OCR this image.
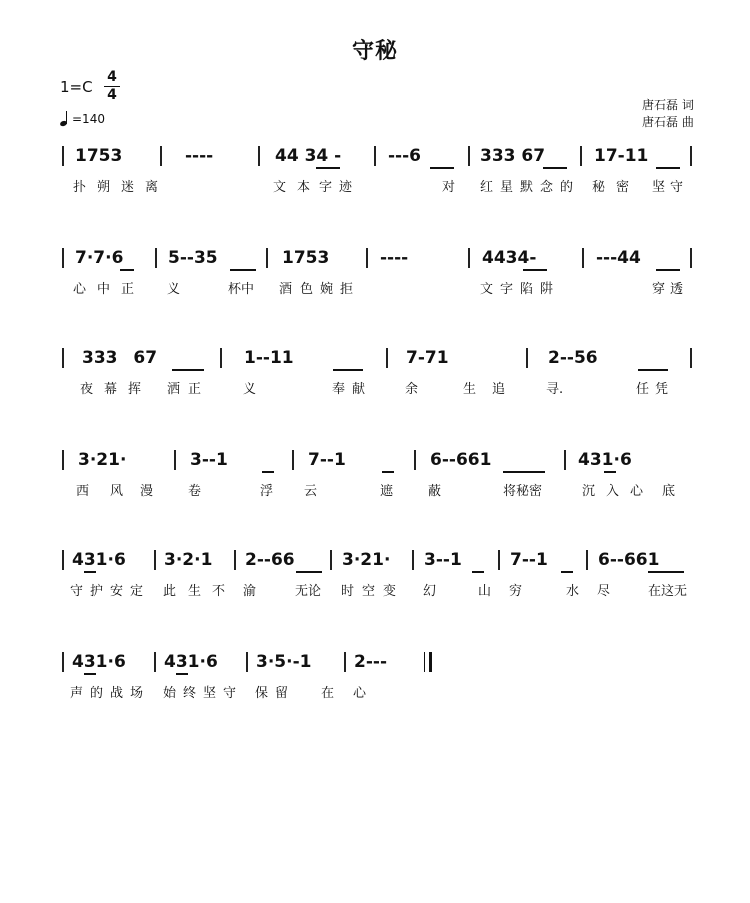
守秘
1=C
4
4
=140
唐石磊 词
唐石磊 曲
1753	----	44 34 -	---6	333 67	17-11
扑 朔 迷 离	文 本 字 迹	对 红 星 默 念 的 秘 密 坚 守
7·7·6	5--35	1753	----	4434-	---44
心 中 正	义	杯中 酒 色 婉 拒	文 字 陷 阱	穿 透
333 67	1--11	7-71	2--56
夜 幕 挥 洒 正	义	奉 献	余	生 追	寻.	任 凭
3·21·	3--1	7--1	6--661	431·6
西 风 漫	卷	浮 云	遮	蔽	将秘密	沉 入 心 底
431·6 3·2·1 2--66	3·21· 3--1	7--1	6--661
守 护 安 定 此 生 不 渝	无论 时 空 变 幻	山 穷	水 尽	在这无
431·6 431·6 3·5·-1	2---
声 的 战 场 始 终 坚 守 保 留	在 心
